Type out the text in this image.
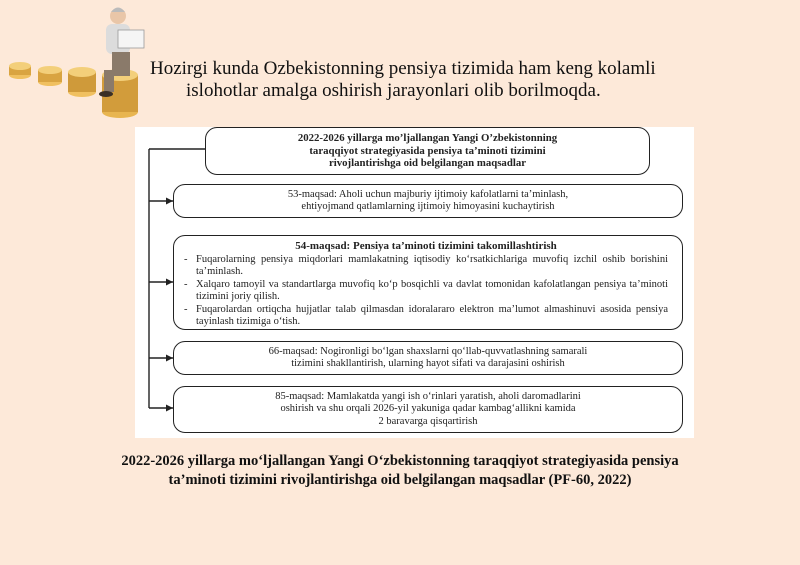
Hozirgi kunda Ozbekistonning pensiya tizimida ham keng kolamli
islohotlar amalga oshirish jarayonlari olib borilmoqda.
2022-2026 yillarga mo’ljallangan Yangi O’zbekistonning
taraqqiyot strategiyasida pensiya ta’minoti tizimini
rivojlantirishga oid belgilangan maqsadlar
53-maqsad: Aholi uchun majburiy ijtimoiy kafolatlarni ta’minlash,
ehtiyojmand qatlamlarning ijtimoiy himoyasini kuchaytirish
54-maqsad: Pensiya ta’minoti tizimini takomillashtirish
- Fuqarolarning pensiya miqdorlari mamlakatning iqtisodiy ko‘rsatkichlariga muvofiq izchil oshib borishini ta’minlash.
- Xalqaro tamoyil va standartlarga muvofiq ko‘p bosqichli va davlat tomonidan kafolatlangan pensiya ta’minoti tizimini joriy qilish.
- Fuqarolardan ortiqcha hujjatlar talab qilmasdan idoralararo elektron ma’lumot almashinuvi asosida pensiya tayinlash tizimiga o‘tish.
66-maqsad: Nogironligi bo‘lgan shaxslarni qo‘llab-quvvatlashning samarali
tizimini shakllantirish, ularning hayot sifati va darajasini oshirish
85-maqsad: Mamlakatda yangi ish o‘rinlari yaratish, aholi daromadlarini
oshirish va shu orqali 2026-yil yakuniga qadar kambag‘allikni kamida
2 baravarga qisqartirish
2022-2026 yillarga mo‘ljallangan Yangi O‘zbekistonning taraqqiyot strategiyasida pensiya
ta’minoti tizimini rivojlantirishga oid belgilangan maqsadlar (PF-60, 2022)
